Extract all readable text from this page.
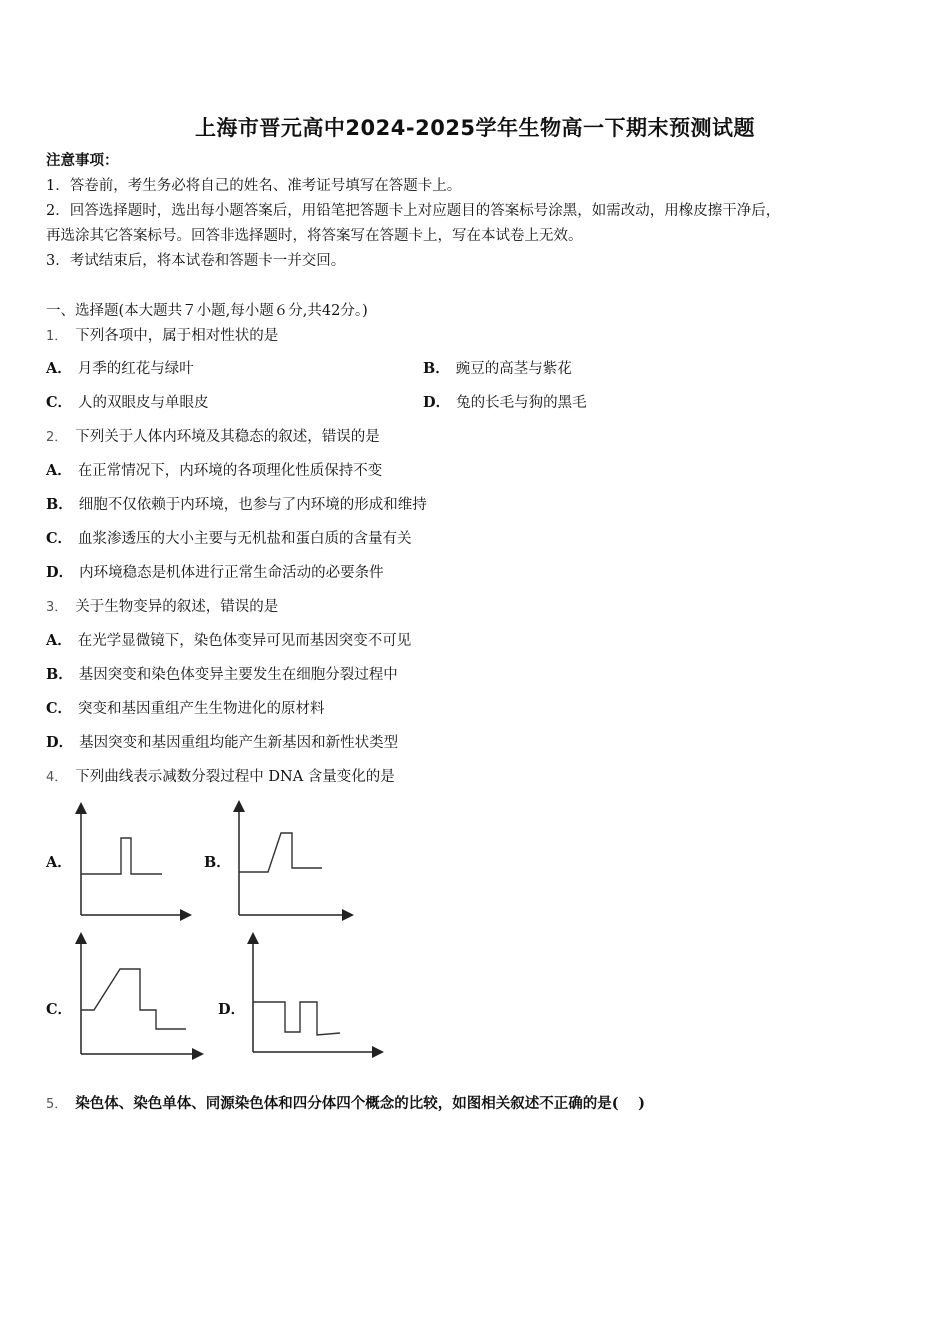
上海市晋元高中2024-2025学年生物高一下期末预测试题
注意事项：
1．答卷前，考生务必将自己的姓名、准考证号填写在答题卡上。
2．回答选择题时，选出每小题答案后，用铅笔把答题卡上对应题目的答案标号涂黑，如需改动，用橡皮擦干净后，
再选涂其它答案标号。回答非选择题时，将答案写在答题卡上，写在本试卷上无效。
3．考试结束后，将本试卷和答题卡一并交回。
一、选择题(本大题共７小题,每小题６分,共42分。)
1． 下列各项中，属于相对性状的是
A． 月季的红花与绿叶	B． 豌豆的高茎与紫花
C． 人的双眼皮与单眼皮	D． 兔的长毛与狗的黑毛
2． 下列关于人体内环境及其稳态的叙述，错误的是
A． 在正常情况下，内环境的各项理化性质保持不变
B． 细胞不仅依赖于内环境，也参与了内环境的形成和维持
C． 血浆渗透压的大小主要与无机盐和蛋白质的含量有关
D． 内环境稳态是机体进行正常生命活动的必要条件
3． 关于生物变异的叙述，错误的是
A． 在光学显微镜下，染色体变异可见而基因突变不可见
B． 基因突变和染色体变异主要发生在细胞分裂过程中
C． 突变和基因重组产生生物进化的原材料
D． 基因突变和基因重组均能产生新基因和新性状类型
4． 下列曲线表示减数分裂过程中 DNA 含量变化的是
A．	B．
C．	D．
5． 染色体、染色单体、同源染色体和四分体四个概念的比较，如图相关叙述不正确的是(　 )
